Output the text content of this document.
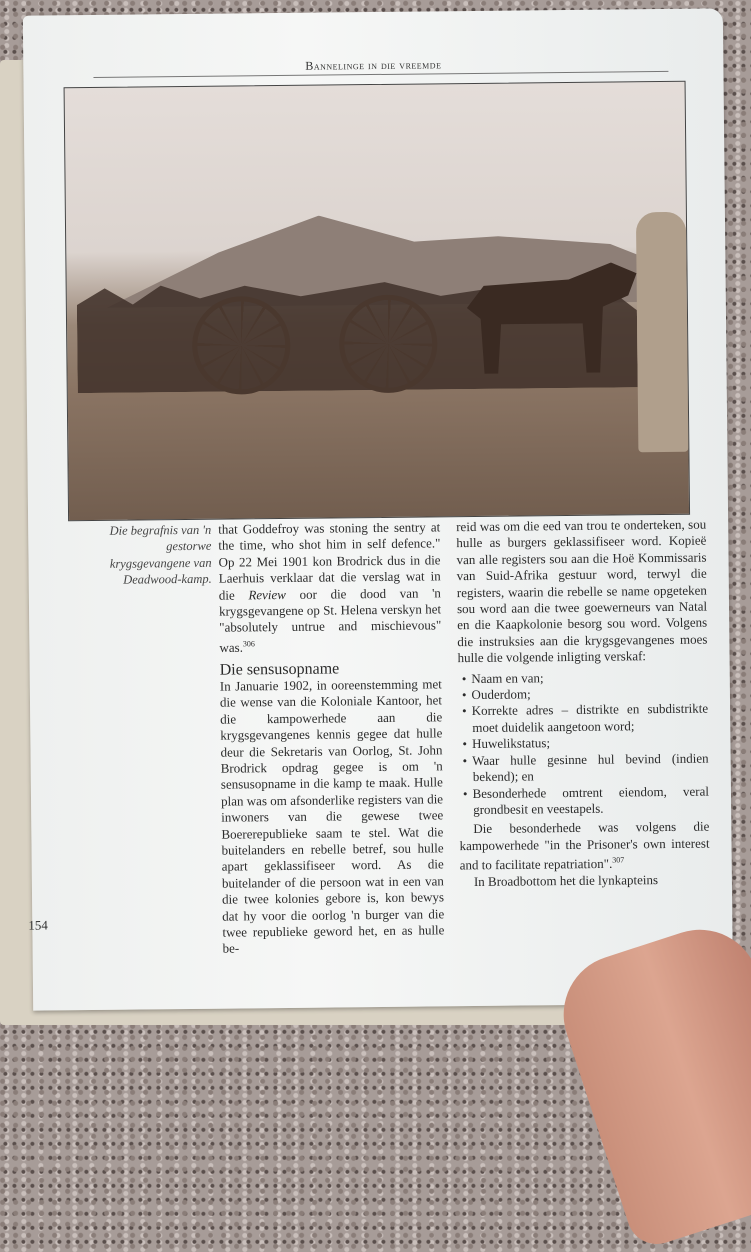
Bannelinge in die vreemde
Die begrafnis van 'n gestorwe krygsgevangene van Deadwood-kamp.

that Goddefroy was stoning the sentry at the time, who shot him in self defence." Op 22 Mei 1901 kon Brodrick dus in die Laerhuis verklaar dat die verslag wat in die Review oor die dood van 'n krygsgevangene op St. Helena verskyn het "absolutely untrue and mischievous" was.$^{306}$

Die sensusopname

In Januarie 1902, in ooreenstemming met die wense van die Koloniale Kantoor, het die kampowerhede aan die krygsgevangenes kennis gegee dat hulle deur die Sekretaris van Oorlog, St. John Brodrick opdrag gegee is om 'n sensusopname in die kamp te maak. Hulle plan was om afsonderlike registers van die inwoners van die gewese twee Boererepublieke saam te stel. Wat die buitelanders en rebelle betref, sou hulle apart geklassifiseer word. As die buitelander of die persoon wat in een van die twee kolonies gebore is, kon bewys dat hy voor die oorlog 'n burger van die twee republieke geword het, en as hulle be-

reid was om die eed van trou te onderteken, sou hulle as burgers geklassifiseer word. Kopieë van alle registers sou aan die Hoë Kommissaris van Suid-Afrika gestuur word, terwyl die registers, waarin die rebelle se name opgeteken sou word aan die twee goewerneurs van Natal en die Kaapkolonie besorg sou word. Volgens die instruksies aan die krygsgevangenes moes hulle die volgende inligting verskaf:

• Naam en van;
• Ouderdom;
• Korrekte adres – distrikte en subdistrikte moet duidelik aangetoon word;
• Huwelikstatus;
• Waar hulle gesinne hul bevind (indien bekend); en
• Besonderhede omtrent eiendom, veral grondbesit en veestapels.

Die besonderhede was volgens die kampowerhede "in the Prisoner's own interest and to facilitate repatriation".$^{307}$

In Broadbottom het die lynkapteins

154
